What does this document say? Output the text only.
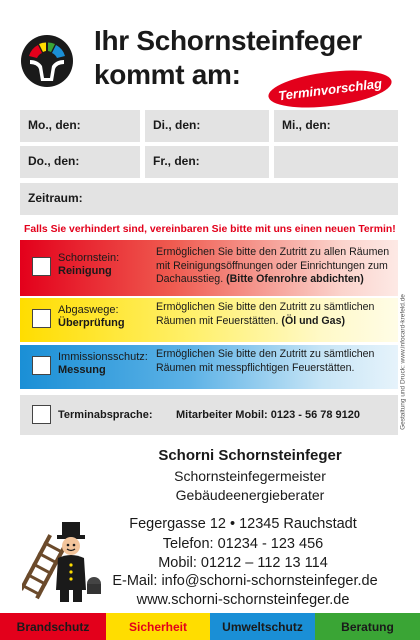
Ihr Schornsteinfeger
kommt am:	Terminvorschlag
Mo., den:	Di., den:	Mi., den:
Do., den:	Fr., den:
Zeitraum:
Falls Sie verhindert sind, vereinbaren Sie bitte mit uns einen neuen Termin!
Schornstein:
Reinigung
Ermöglichen Sie bitte den Zutritt zu allen Räumen mit Reinigungsöffnungen oder Einrichtungen zum Dachausstieg. (Bitte Ofenrohre abdichten)
Abgaswege:
Überprüfung
Ermöglichen Sie bitte den Zutritt zu sämtlichen Räumen mit Feuerstätten. (Öl und Gas)
Immissionsschutz:
Messung
Ermöglichen Sie bitte den Zutritt zu sämtlichen Räumen mit messpflichtigen Feuerstätten.
Terminabsprache: Mitarbeiter Mobil: 0123 - 56 78 9120	Gestaltung und Druck: www.infocard-krefeld.de
Schorni Schornsteinfeger
Schornsteinfegermeister
Gebäudeenergieberater
Fegergasse 12 • 12345 Rauchstadt
Telefon: 01234 - 123 456
Mobil: 01212 – 112 13 114
E-Mail: info@schorni-schornsteinfeger.de
www.schorni-schornsteinfeger.de
Brandschutz	Sicherheit	Umweltschutz	Beratung
